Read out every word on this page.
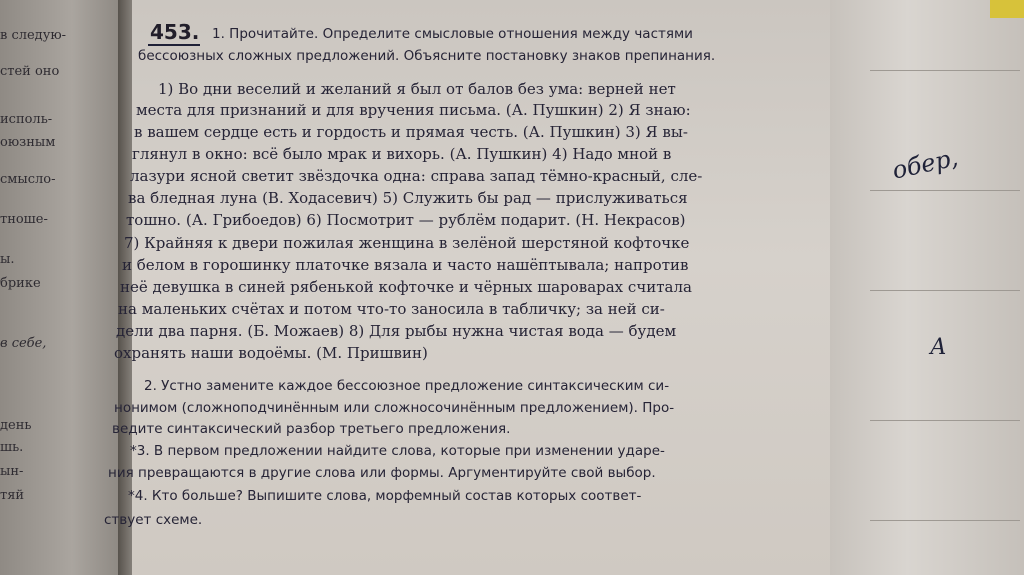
в следую-
стей оно
исполь-
оюзным
смысло-
тноше-
ы.
брике
в себе,
день
шь.
ын-
тяй
обер,
А
453. 1. Прочитайте. Определите смысловые отношения между частями
бессоюзных сложных предложений. Объясните постановку знаков препинания.
1) Во дни веселий и желаний я был от балов без ума: верней нет
места для признаний и для вручения письма. (А. Пушкин) 2) Я знаю:
в вашем сердце есть и гордость и прямая честь. (А. Пушкин) 3) Я вы-
глянул в окно: всё было мрак и вихорь. (А. Пушкин) 4) Надо мной в
лазури ясной светит звёздочка одна: справа запад тёмно-красный, сле-
ва бледная луна (В. Ходасевич) 5) Служить бы рад — прислуживаться
тошно. (А. Грибоедов) 6) Посмотрит — рублём подарит. (Н. Некрасов)
7) Крайняя к двери пожилая женщина в зелёной шерстяной кофточке
и белом в горошинку платочке вязала и часто нашёптывала; напротив
неё девушка в синей рябенькой кофточке и чёрных шароварах считала
на маленьких счётах и потом что-то заносила в табличку; за ней си-
дели два парня. (Б. Можаев) 8) Для рыбы нужна чистая вода — будем
охранять наши водоёмы. (М. Пришвин)
2. Устно замените каждое бессоюзное предложение синтаксическим си-
нонимом (сложноподчинённым или сложносочинённым предложением). Про-
ведите синтаксический разбор третьего предложения.
*3. В первом предложении найдите слова, которые при изменении ударе-
ния превращаются в другие слова или формы. Аргументируйте свой выбор.
*4. Кто больше? Выпишите слова, морфемный состав которых соответ-
ствует схеме.
